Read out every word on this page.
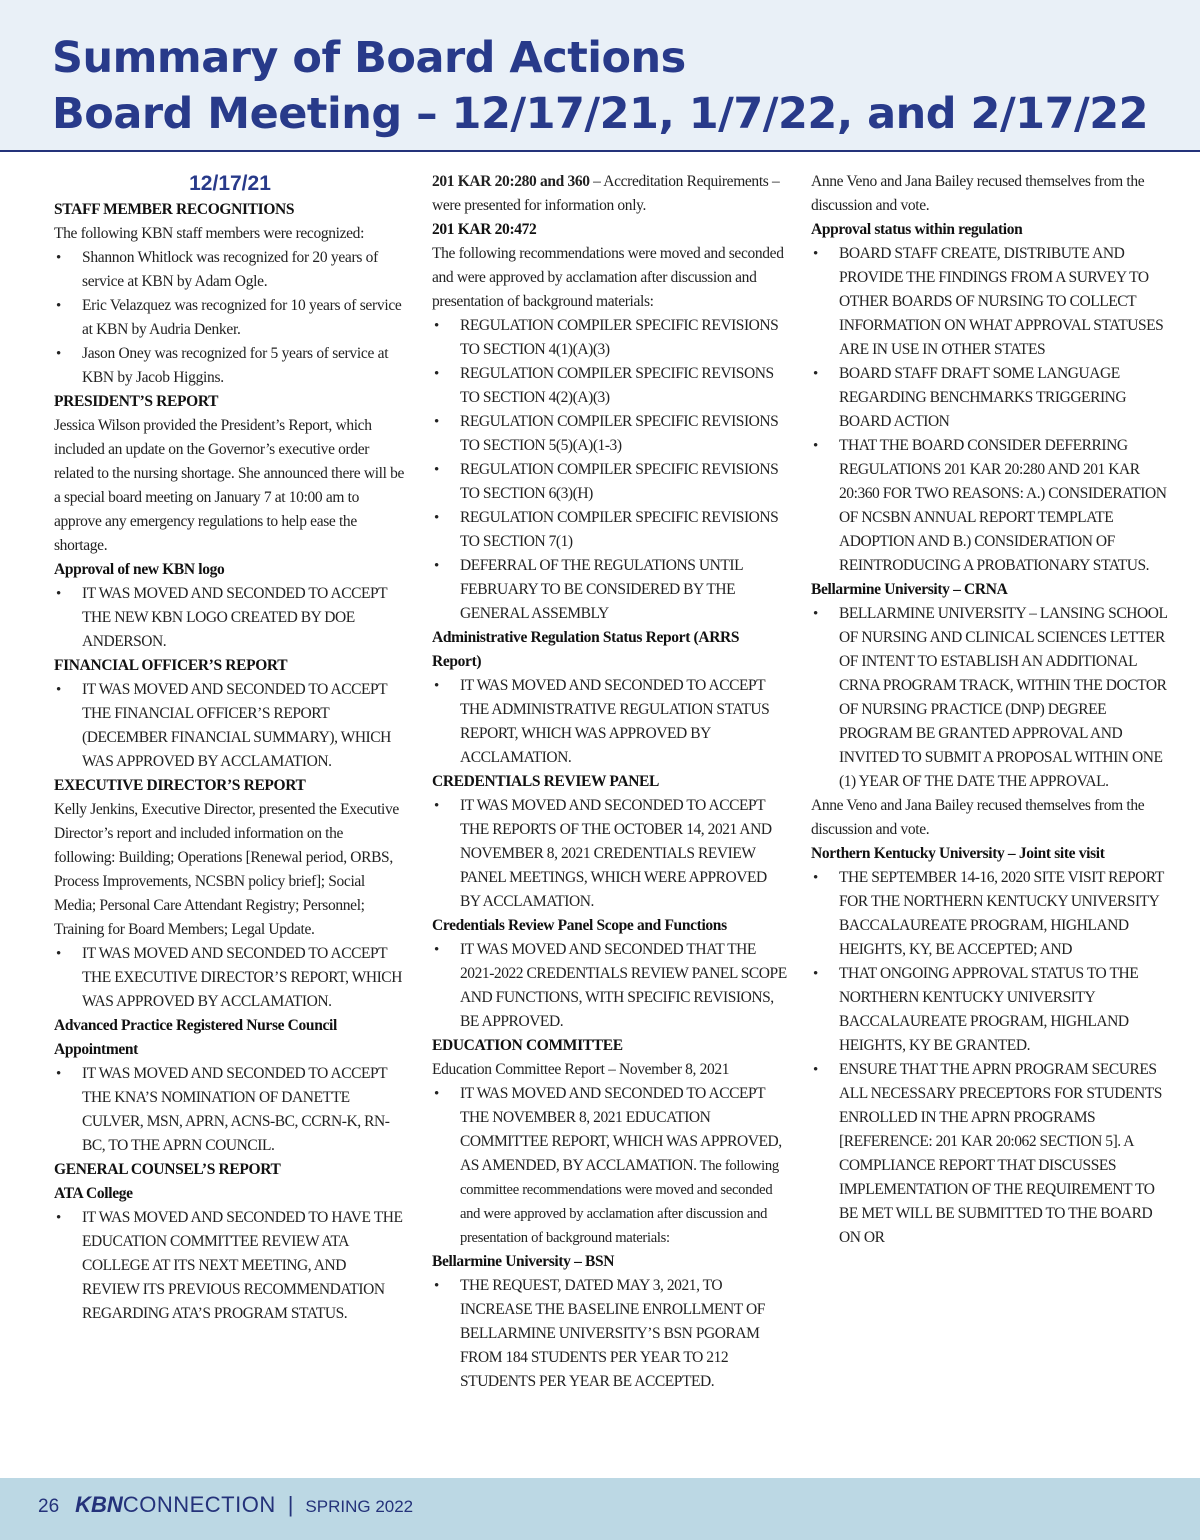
Summary of Board Actions
Board Meeting – 12/17/21, 1/7/22, and 2/17/22
12/17/21
STAFF MEMBER RECOGNITIONS

The following KBN staff members were recognized:

• Shannon Whitlock was recognized for 20 years of service at KBN by Adam Ogle.
• Eric Velazquez was recognized for 10 years of service at KBN by Audria Denker.
• Jason Oney was recognized for 5 years of service at KBN by Jacob Higgins.
PRESIDENT’S REPORT

Jessica Wilson provided the President’s Report, which included an update on the Governor’s executive order related to the nursing shortage. She announced there will be a special board meeting on January 7 at 10:00 am to approve any emergency regulations to help ease the shortage.

Approval of new KBN logo
• IT WAS MOVED AND SECONDED TO ACCEPT THE NEW KBN LOGO CREATED BY DOE ANDERSON.
FINANCIAL OFFICER’S REPORT
• IT WAS MOVED AND SECONDED TO ACCEPT THE FINANCIAL OFFICER’S REPORT (DECEMBER FINANCIAL SUMMARY), WHICH WAS APPROVED BY ACCLAMATION.
EXECUTIVE DIRECTOR’S REPORT

Kelly Jenkins, Executive Director, presented the Executive Director’s report and included information on the following: Building; Operations [Renewal period, ORBS, Process Improvements, NCSBN policy brief]; Social Media; Personal Care Attendant Registry; Personnel; Training for Board Members; Legal Update.

• IT WAS MOVED AND SECONDED TO ACCEPT THE EXECUTIVE DIRECTOR’S REPORT, WHICH WAS APPROVED BY ACCLAMATION.
Advanced Practice Registered Nurse Council Appointment
• IT WAS MOVED AND SECONDED TO ACCEPT THE KNA’S NOMINATION OF DANETTE CULVER, MSN, APRN, ACNS-BC, CCRN-K, RN-BC, TO THE APRN COUNCIL.
GENERAL COUNSEL’S REPORT
ATA College
• IT WAS MOVED AND SECONDED TO HAVE THE EDUCATION COMMITTEE REVIEW ATA COLLEGE AT ITS NEXT MEETING, AND REVIEW ITS PREVIOUS RECOMMENDATION REGARDING ATA’S PROGRAM STATUS.

201 KAR 20:280 and 360 – Accreditation Requirements – were presented for information only.

201 KAR 20:472

The following recommendations were moved and seconded and were approved by acclamation after discussion and presentation of background materials:

• REGULATION COMPILER SPECIFIC REVISIONS TO SECTION 4(1)(A)(3)
• REGULATION COMPILER SPECIFIC REVISONS TO SECTION 4(2)(A)(3)
• REGULATION COMPILER SPECIFIC REVISIONS TO SECTION 5(5)(A)(1-3)
• REGULATION COMPILER SPECIFIC REVISIONS TO SECTION 6(3)(H)
• REGULATION COMPILER SPECIFIC REVISIONS TO SECTION 7(1)
• DEFERRAL OF THE REGULATIONS UNTIL FEBRUARY TO BE CONSIDERED BY THE GENERAL ASSEMBLY
Administrative Regulation Status Report (ARRS Report)
• IT WAS MOVED AND SECONDED TO ACCEPT THE ADMINISTRATIVE REGULATION STATUS REPORT, WHICH WAS APPROVED BY ACCLAMATION.
CREDENTIALS REVIEW PANEL
• IT WAS MOVED AND SECONDED TO ACCEPT THE REPORTS OF THE OCTOBER 14, 2021 AND NOVEMBER 8, 2021 CREDENTIALS REVIEW PANEL MEETINGS, WHICH WERE APPROVED BY ACCLAMATION.
Credentials Review Panel Scope and Functions
• IT WAS MOVED AND SECONDED THAT THE 2021-2022 CREDENTIALS REVIEW PANEL SCOPE AND FUNCTIONS, WITH SPECIFIC REVISIONS, BE APPROVED.
EDUCATION COMMITTEE

Education Committee Report – November 8, 2021

• IT WAS MOVED AND SECONDED TO ACCEPT THE NOVEMBER 8, 2021 EDUCATION COMMITTEE REPORT, WHICH WAS APPROVED, AS AMENDED, BY ACCLAMATION. The following committee recommendations were moved and seconded and were approved by acclamation after discussion and presentation of background materials:
Bellarmine University – BSN
• THE REQUEST, DATED MAY 3, 2021, TO INCREASE THE BASELINE ENROLLMENT OF BELLARMINE UNIVERSITY’S BSN PGORAM FROM 184 STUDENTS PER YEAR TO 212 STUDENTS PER YEAR BE ACCEPTED.

Anne Veno and Jana Bailey recused themselves from the discussion and vote.

Approval status within regulation
• BOARD STAFF CREATE, DISTRIBUTE AND PROVIDE THE FINDINGS FROM A SURVEY TO OTHER BOARDS OF NURSING TO COLLECT INFORMATION ON WHAT APPROVAL STATUSES ARE IN USE IN OTHER STATES
• BOARD STAFF DRAFT SOME LANGUAGE REGARDING BENCHMARKS TRIGGERING BOARD ACTION
• THAT THE BOARD CONSIDER DEFERRING REGULATIONS 201 KAR 20:280 AND 201 KAR 20:360 FOR TWO REASONS: A.) CONSIDERATION OF NCSBN ANNUAL REPORT TEMPLATE ADOPTION AND B.) CONSIDERATION OF REINTRODUCING A PROBATIONARY STATUS.
Bellarmine University – CRNA
• BELLARMINE UNIVERSITY – LANSING SCHOOL OF NURSING AND CLINICAL SCIENCES LETTER OF INTENT TO ESTABLISH AN ADDITIONAL CRNA PROGRAM TRACK, WITHIN THE DOCTOR OF NURSING PRACTICE (DNP) DEGREE PROGRAM BE GRANTED APPROVAL AND INVITED TO SUBMIT A PROPOSAL WITHIN ONE (1) YEAR OF THE DATE THE APPROVAL.

Anne Veno and Jana Bailey recused themselves from the discussion and vote.

Northern Kentucky University – Joint site visit
• THE SEPTEMBER 14-16, 2020 SITE VISIT REPORT FOR THE NORTHERN KENTUCKY UNIVERSITY BACCALAUREATE PROGRAM, HIGHLAND HEIGHTS, KY, BE ACCEPTED; AND
• THAT ONGOING APPROVAL STATUS TO THE NORTHERN KENTUCKY UNIVERSITY BACCALAUREATE PROGRAM, HIGHLAND HEIGHTS, KY BE GRANTED.
• ENSURE THAT THE APRN PROGRAM SECURES ALL NECESSARY PRECEPTORS FOR STUDENTS ENROLLED IN THE APRN PROGRAMS [REFERENCE: 201 KAR 20:062 SECTION 5]. A COMPLIANCE REPORT THAT DISCUSSES IMPLEMENTATION OF THE REQUIREMENT TO BE MET WILL BE SUBMITTED TO THE BOARD ON OR
26 KBNCONNECTION | SPRING 2022
